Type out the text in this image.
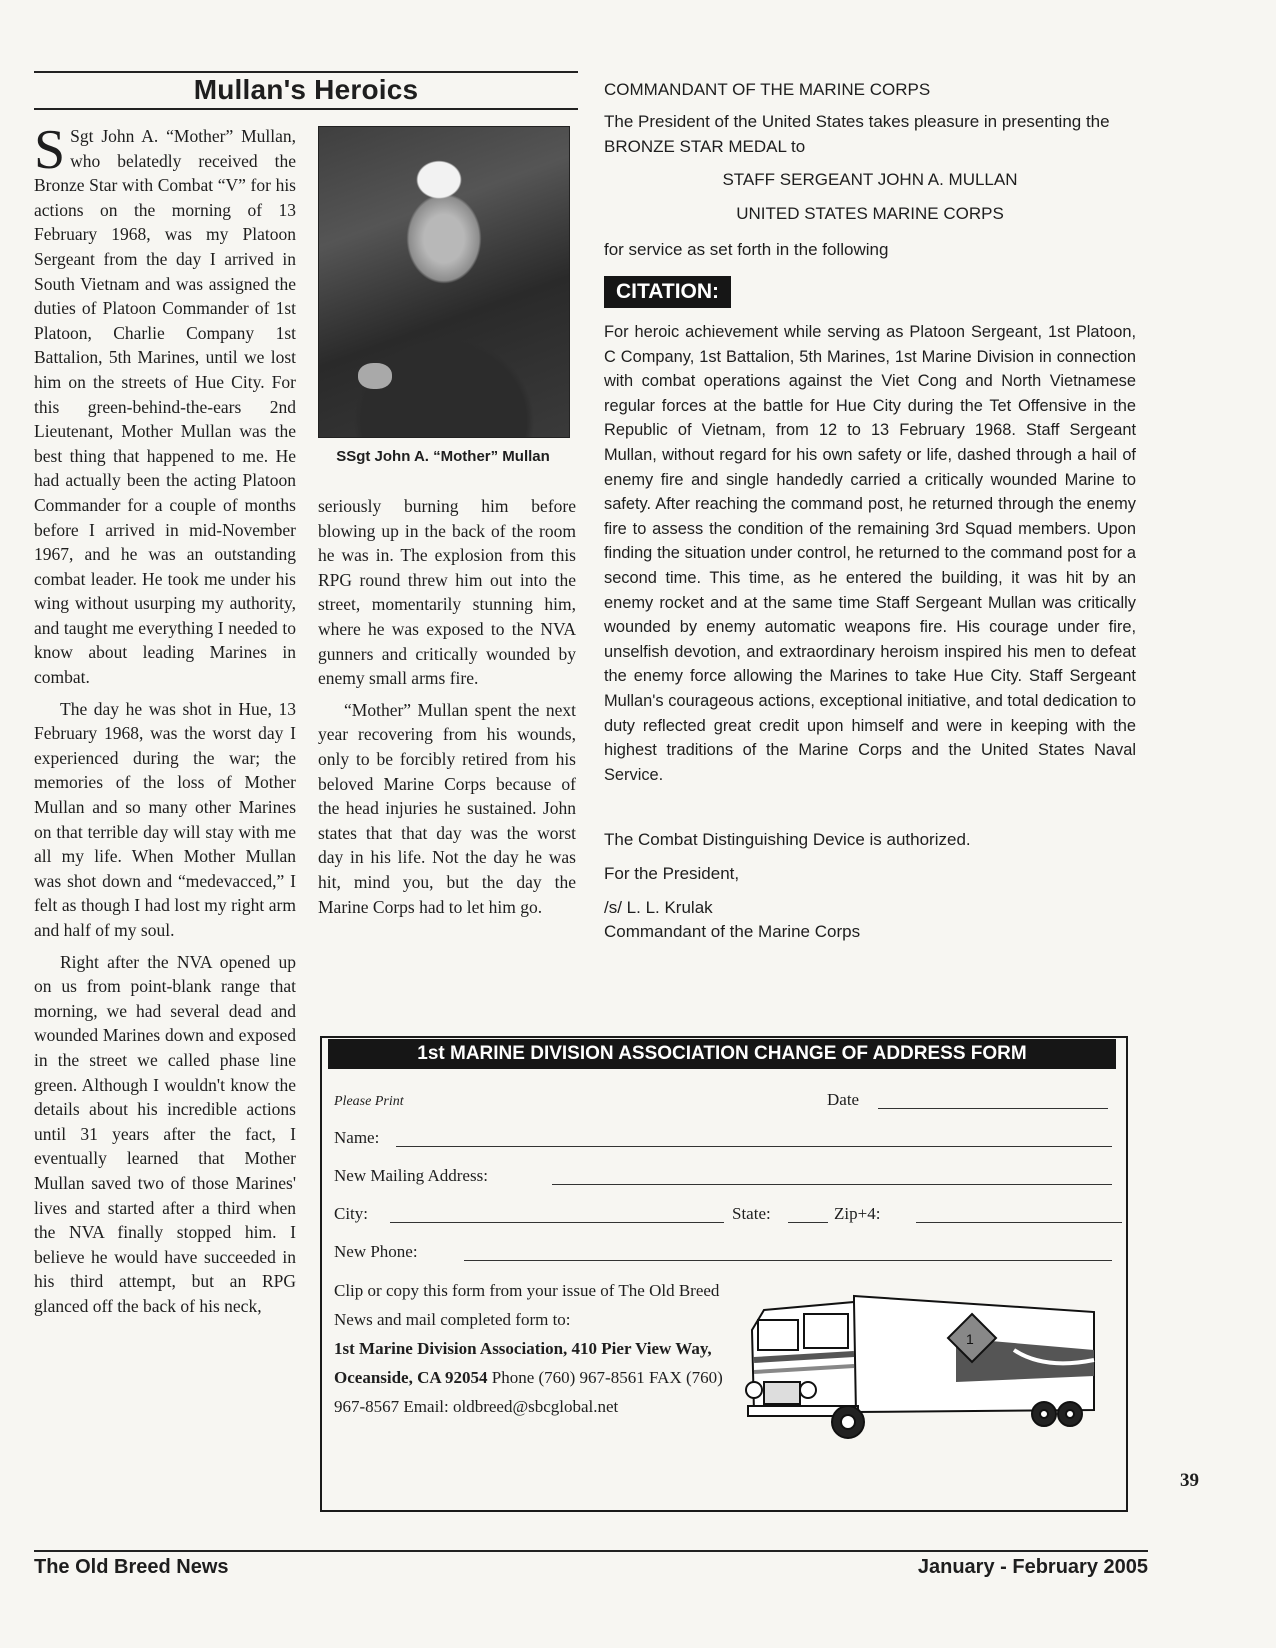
Mullan's Heroics

S Sgt John A. “Mother” Mullan, who belatedly received the Bronze Star with Combat “V” for his actions on the morning of 13 February 1968, was my Platoon Sergeant from the day I arrived in South Vietnam and was assigned the duties of Platoon Commander of 1st Platoon, Charlie Company 1st Battalion, 5th Marines, until we lost him on the streets of Hue City. For this green-behind-the-ears 2nd Lieutenant, Mother Mullan was the best thing that happened to me. He had actually been the acting Platoon Commander for a couple of months before I arrived in mid-November 1967, and he was an outstanding combat leader. He took me under his wing without usurping my authority, and taught me everything I needed to know about leading Marines in combat.

The day he was shot in Hue, 13 February 1968, was the worst day I experienced during the war; the memories of the loss of Mother Mullan and so many other Marines on that terrible day will stay with me all my life. When Mother Mullan was shot down and “medevacced,” I felt as though I had lost my right arm and half of my soul.

Right after the NVA opened up on us from point-blank range that morning, we had several dead and wounded Marines down and exposed in the street we called phase line green. Although I wouldn't know the details about his incredible actions until 31 years after the fact, I eventually learned that Mother Mullan saved two of those Marines' lives and started after a third when the NVA finally stopped him. I believe he would have succeeded in his third attempt, but an RPG glanced off the back of his neck,

SSgt John A. “Mother” Mullan

seriously burning him before blowing up in the back of the room he was in. The explosion from this RPG round threw him out into the street, momentarily stunning him, where he was exposed to the NVA gunners and critically wounded by enemy small arms fire.

“Mother” Mullan spent the next year recovering from his wounds, only to be forcibly retired from his beloved Marine Corps because of the head injuries he sustained. John states that that day was the worst day in his life. Not the day he was hit, mind you, but the day the Marine Corps had to let him go.

COMMANDANT OF THE MARINE CORPS
The President of the United States takes pleasure in presenting the
BRONZE STAR MEDAL to
STAFF SERGEANT JOHN A. MULLAN
UNITED STATES MARINE CORPS
for service as set forth in the following
CITATION:
For heroic achievement while serving as Platoon Sergeant, 1st Platoon, C Company, 1st Battalion, 5th Marines, 1st Marine Division in connection with combat operations against the Viet Cong and North Vietnamese regular forces at the battle for Hue City during the Tet Offensive in the Republic of Vietnam, from 12 to 13 February 1968. Staff Sergeant Mullan, without regard for his own safety or life, dashed through a hail of enemy fire and single handedly carried a critically wounded Marine to safety. After reaching the command post, he returned through the enemy fire to assess the condition of the remaining 3rd Squad members. Upon finding the situation under control, he returned to the command post for a second time. This time, as he entered the building, it was hit by an enemy rocket and at the same time Staff Sergeant Mullan was critically wounded by enemy automatic weapons fire. His courage under fire, unselfish devotion, and extraordinary heroism inspired his men to defeat the enemy force allowing the Marines to take Hue City. Staff Sergeant Mullan's courageous actions, exceptional initiative, and total dedication to duty reflected great credit upon himself and were in keeping with the highest traditions of the Marine Corps and the United States Naval Service.
The Combat Distinguishing Device is authorized.
For the President,
/s/ L. L. Krulak
Commandant of the Marine Corps
1st MARINE DIVISION ASSOCIATION CHANGE OF ADDRESS FORM
Please Print	Date
Name:
New Mailing Address:
City:	State:	Zip+4:
New Phone:
Clip or copy this form from your issue of The Old Breed News and mail completed form to:
1st Marine Division Association, 410 Pier View Way, Oceanside, CA 92054 Phone (760) 967-8561 FAX (760) 967-8567 Email: oldbreed@sbcglobal.net
1
39
The Old Breed News	January - February 2005
